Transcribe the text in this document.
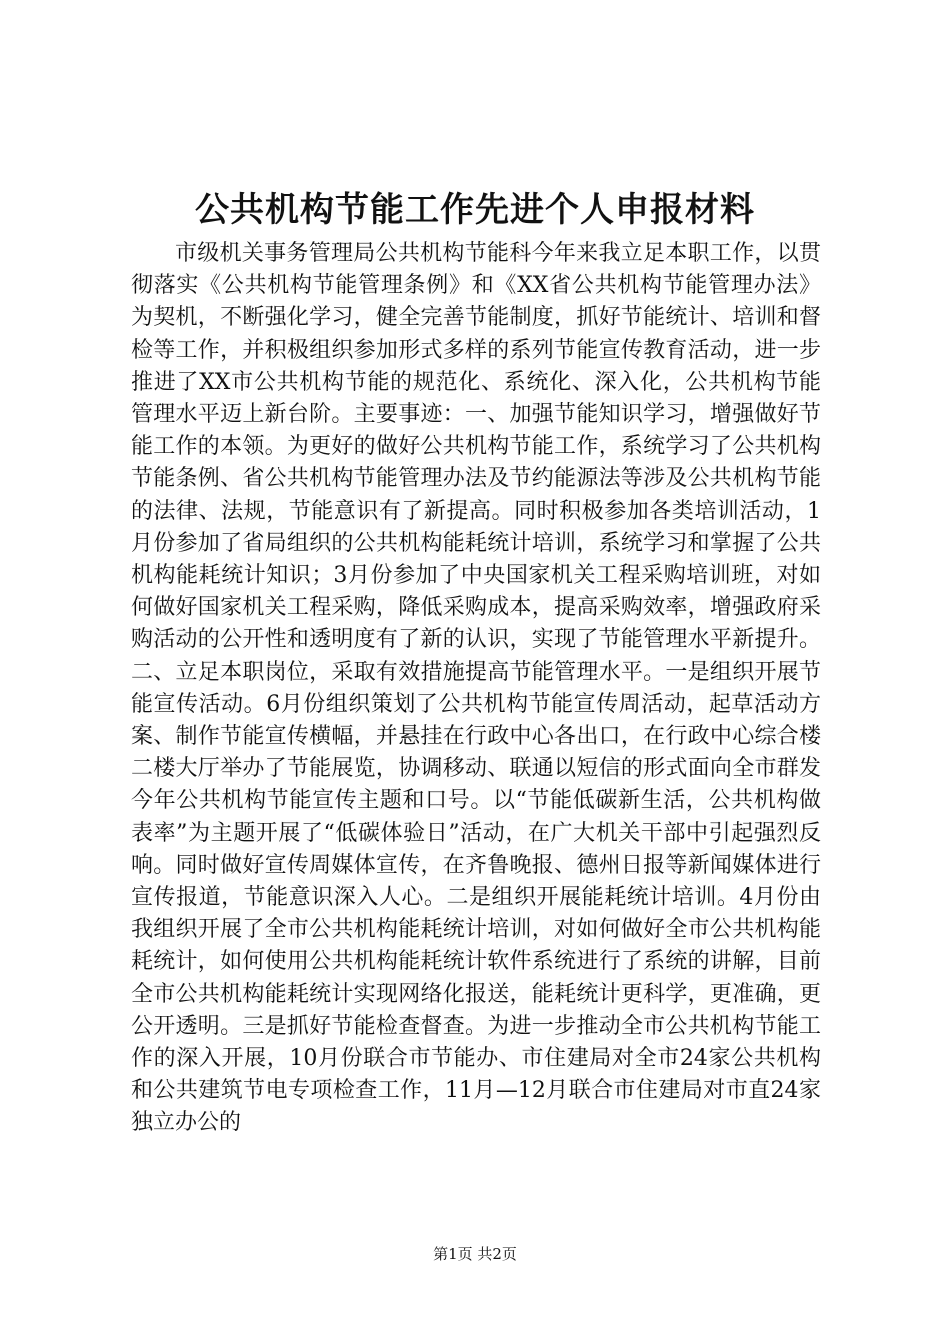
公共机构节能工作先进个人申报材料

市级机关事务管理局公共机构节能科今年来我立足本职工作，以贯彻落实《公共机构节能管理条例》和《XX省公共机构节能管理办法》为契机，不断强化学习，健全完善节能制度，抓好节能统计、培训和督检等工作，并积极组织参加形式多样的系列节能宣传教育活动，进一步推进了XX市公共机构节能的规范化、系统化、深入化，公共机构节能管理水平迈上新台阶。主要事迹：一、加强节能知识学习，增强做好节能工作的本领。为更好的做好公共机构节能工作，系统学习了公共机构节能条例、省公共机构节能管理办法及节约能源法等涉及公共机构节能的法律、法规，节能意识有了新提高。同时积极参加各类培训活动，1月份参加了省局组织的公共机构能耗统计培训，系统学习和掌握了公共机构能耗统计知识；3月份参加了中央国家机关工程采购培训班，对如何做好国家机关工程采购，降低采购成本，提高采购效率，增强政府采购活动的公开性和透明度有了新的认识，实现了节能管理水平新提升。二、立足本职岗位，采取有效措施提高节能管理水平。一是组织开展节能宣传活动。6月份组织策划了公共机构节能宣传周活动，起草活动方案、制作节能宣传横幅，并悬挂在行政中心各出口，在行政中心综合楼二楼大厅举办了节能展览，协调移动、联通以短信的形式面向全市群发今年公共机构节能宣传主题和口号。以“节能低碳新生活，公共机构做表率”为主题开展了“低碳体验日”活动，在广大机关干部中引起强烈反响。同时做好宣传周媒体宣传，在齐鲁晚报、德州日报等新闻媒体进行宣传报道，节能意识深入人心。二是组织开展能耗统计培训。4月份由我组织开展了全市公共机构能耗统计培训，对如何做好全市公共机构能耗统计，如何使用公共机构能耗统计软件系统进行了系统的讲解，目前全市公共机构能耗统计实现网络化报送，能耗统计更科学，更准确，更公开透明。三是抓好节能检查督查。为进一步推动全市公共机构节能工作的深入开展，10月份联合市节能办、市住建局对全市24家公共机构和公共建筑节电专项检查工作，11月—12月联合市住建局对市直24家独立办公的

第1页 共2页
